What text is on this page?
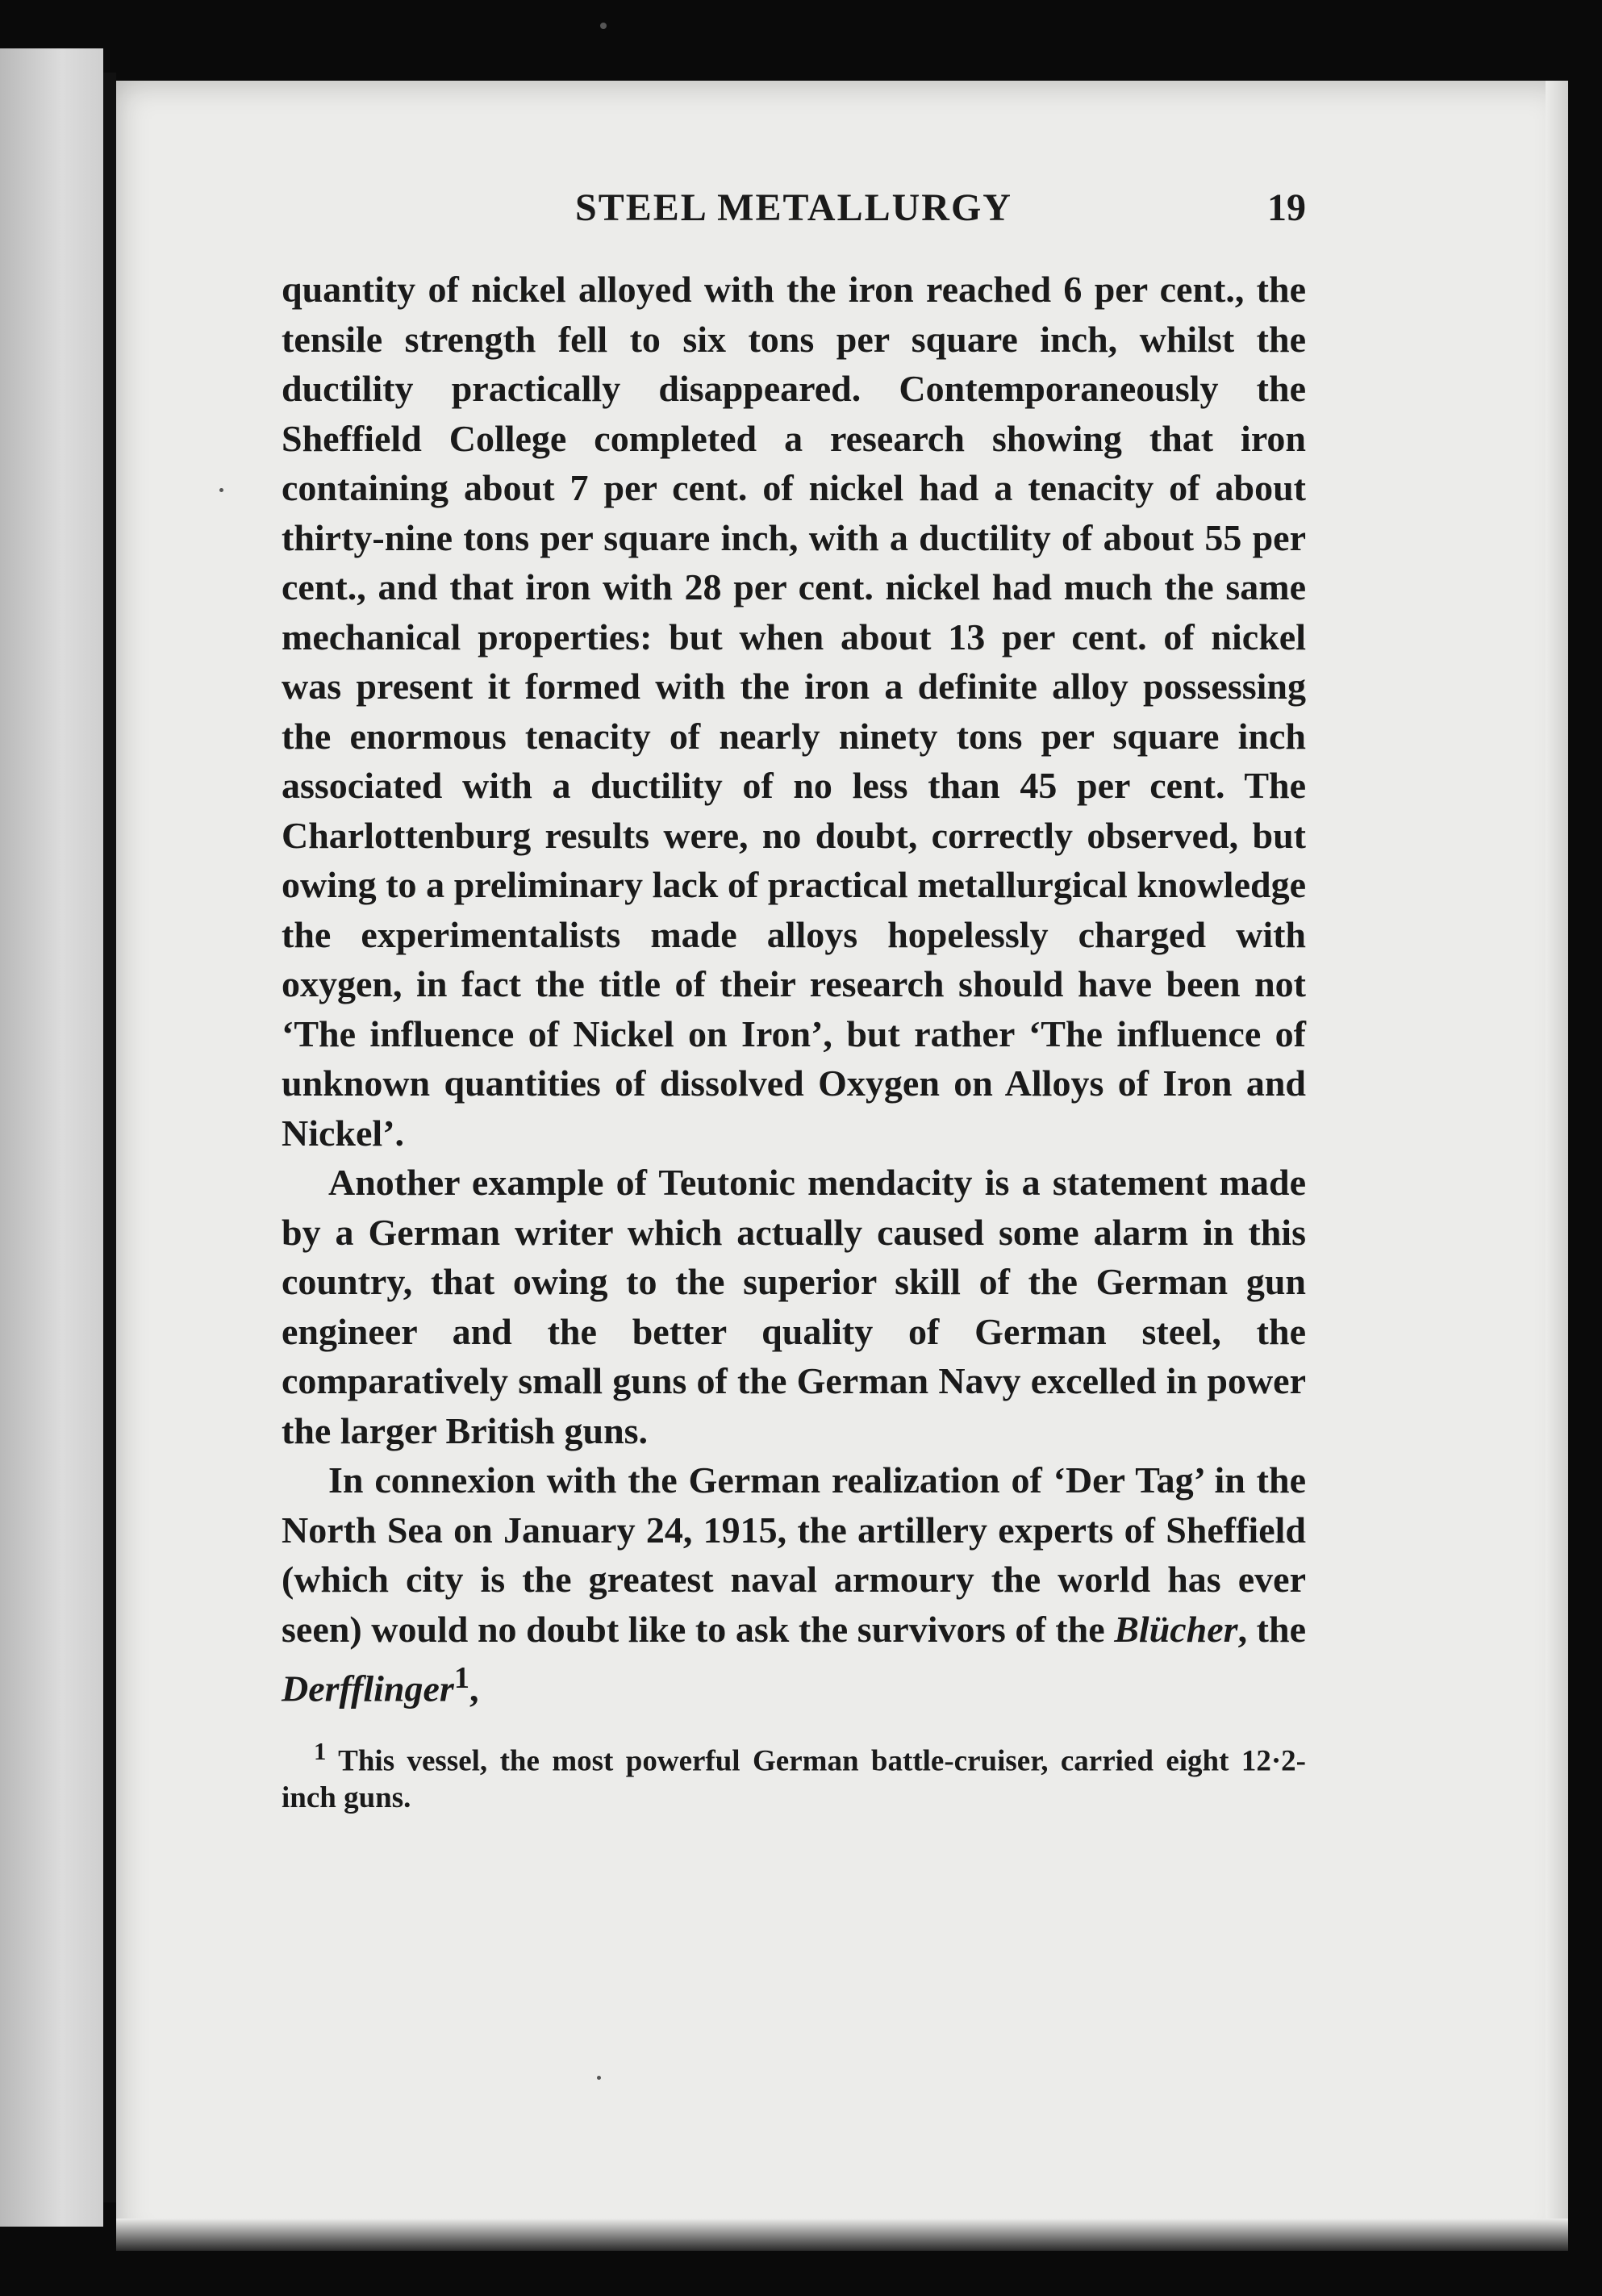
STEEL METALLURGY	19

quantity of nickel alloyed with the iron reached 6 per cent., the tensile strength fell to six tons per square inch, whilst the ductility practically disappeared. Contemporaneously the Sheffield College completed a research showing that iron containing about 7 per cent. of nickel had a tenacity of about thirty-nine tons per square inch, with a ductility of about 55 per cent., and that iron with 28 per cent. nickel had much the same mechanical properties: but when about 13 per cent. of nickel was present it formed with the iron a definite alloy possessing the enormous tenacity of nearly ninety tons per square inch associated with a ductility of no less than 45 per cent. The Charlottenburg results were, no doubt, correctly observed, but owing to a preliminary lack of practical metallurgical knowledge the experimentalists made alloys hopelessly charged with oxygen, in fact the title of their research should have been not ‘The influence of Nickel on Iron’, but rather ‘The influence of unknown quantities of dissolved Oxygen on Alloys of Iron and Nickel’.

Another example of Teutonic mendacity is a statement made by a German writer which actually caused some alarm in this country, that owing to the superior skill of the German gun engineer and the better quality of German steel, the comparatively small guns of the German Navy excelled in power the larger British guns.

In connexion with the German realization of ‘Der Tag’ in the North Sea on January 24, 1915, the artillery experts of Sheffield (which city is the greatest naval armoury the world has ever seen) would no doubt like to ask the survivors of the Blücher, the Derfflinger$^1$,

$^1$ This vessel, the most powerful German battle-cruiser, carried eight 12·2-inch guns.
